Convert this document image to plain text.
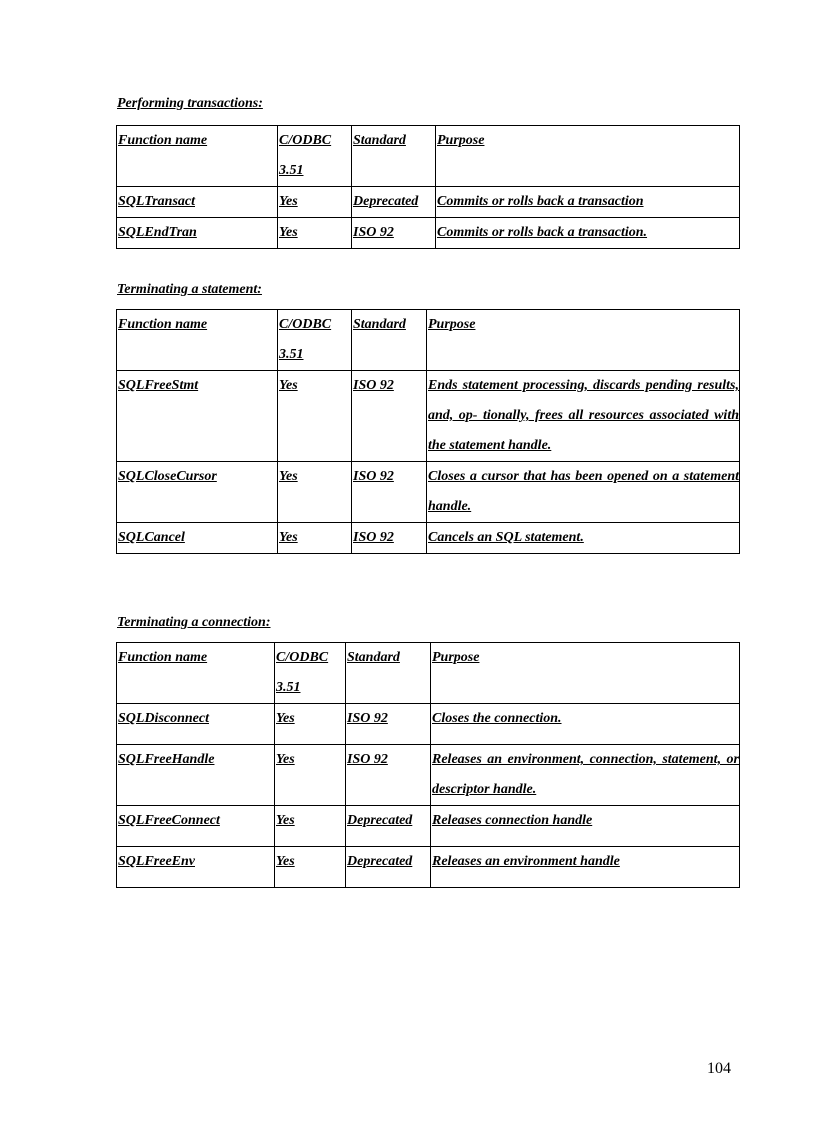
Performing transactions:

Function name	C/ODBC 3.51	Standard	Purpose
SQLTransact	Yes	Deprecated	Commits or rolls back a transaction
SQLEndTran	Yes	ISO 92	Commits or rolls back a transaction.

Terminating a statement:

Function name	C/ODBC 3.51	Standard	Purpose
SQLFreeStmt	Yes	ISO 92	Ends statement processing, discards pending results, and, op- tionally, frees all resources associated with the statement handle.
SQLCloseCursor	Yes	ISO 92	Closes a cursor that has been opened on a statement handle.
SQLCancel	Yes	ISO 92	Cancels an SQL statement.

Terminating a connection:

Function name	C/ODBC 3.51	Standard	Purpose
SQLDisconnect	Yes	ISO 92	Closes the connection.

SQLFreeHandle	Yes	ISO 92	Releases an environment, connection, statement, or descriptor handle.
SQLFreeConnect	Yes	Deprecated	Releases connection handle

SQLFreeEnv	Yes	Deprecated	Releases an environment handle

104
